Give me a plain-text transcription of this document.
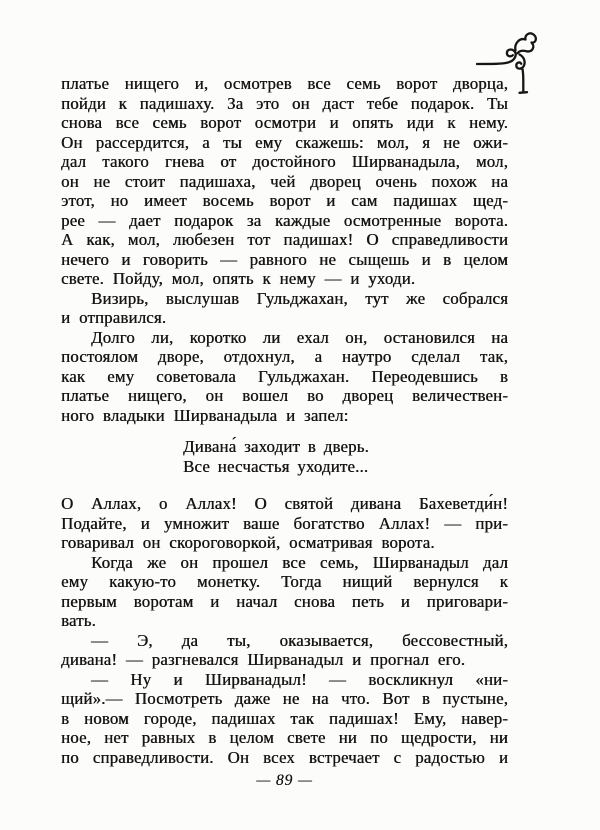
платье нищего и, осмотрев все семь ворот дворца,
пойди к падишаху. За это он даст тебе подарок. Ты
снова все семь ворот осмотри и опять иди к нему.
Он рассердится, а ты ему скажешь: мол, я не ожи-
дал такого гнева от достойного Ширванадыла, мол,
он не стоит падишаха, чей дворец очень похож на
этот, но имеет восемь ворот и сам падишах щед-
рее — дает подарок за каждые осмотренные ворота.
А как, мол, любезен тот падишах! О справедливости
нечего и говорить — равного не сыщешь и в целом
свете. Пойду, мол, опять к нему — и уходи.
Визирь, выслушав Гульджахан, тут же собрался
и отправился.
Долго ли, коротко ли ехал он, остановился на
постоялом дворе, отдохнул, а наутро сделал так,
как ему советовала Гульджахан. Переодевшись в
платье нищего, он вошел во дворец величествен-
ного владыки Ширванадыла и запел:
Дивана́ заходит в дверь.
Все несчастья уходите...
О Аллах, о Аллах! О святой дивана Бахеветди́н!
Подайте, и умножит ваше богатство Аллах! — при-
говаривал он скороговоркой, осматривая ворота.
Когда же он прошел все семь, Ширванадыл дал
ему какую-то монетку. Тогда нищий вернулся к
первым воротам и начал снова петь и приговари-
вать.
— Э, да ты, оказывается, бессовестный,
дивана! — разгневался Ширванадыл и прогнал его.
— Ну и Ширванадыл! — воскликнул «ни-
щий».— Посмотреть даже не на что. Вот в пустыне,
в новом городе, падишах так падишах! Ему, навер-
ное, нет равных в целом свете ни по щедрости, ни
по справедливости. Он всех встречает с радостью и
— 89 —
